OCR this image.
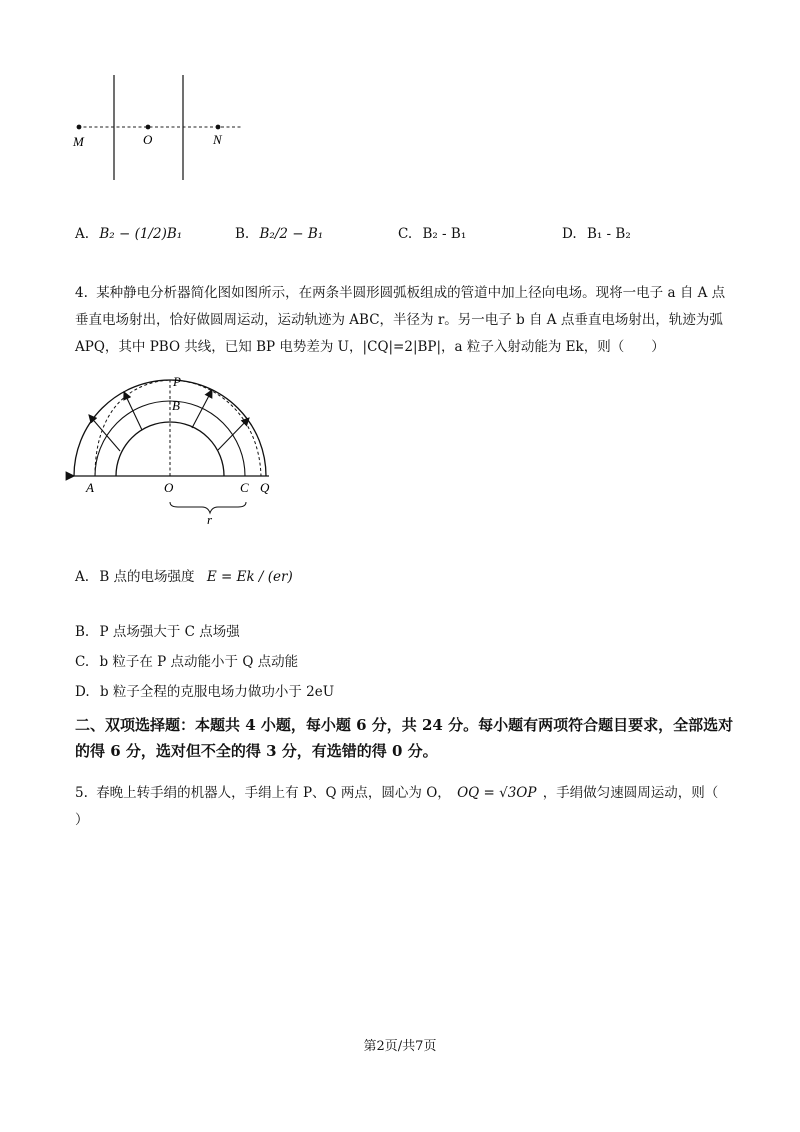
M	O	N
A. B₂ − (1/2)B₁	B. B₂/2 − B₁	C. B₂ - B₁	D. B₁ - B₂
4. 某种静电分析器简化图如图所示，在两条半圆形圆弧板组成的管道中加上径向电场。现将一电子 a 自 A 点垂直电场射出，恰好做圆周运动，运动轨迹为 ABC，半径为 r。另一电子 b 自 A 点垂直电场射出，轨迹为弧 APQ，其中 PBO 共线，已知 BP 电势差为 U，|CQ|=2|BP|，a 粒子入射动能为 Ek，则（　　）
P
B
A	O	C Q
r
A. B 点的电场强度 E = Ek / (er)
B. P 点场强大于 C 点场强
C. b 粒子在 P 点动能小于 Q 点动能
D. b 粒子全程的克服电场力做功小于 2eU
二、双项选择题：本题共 4 小题，每小题 6 分，共 24 分。每小题有两项符合题目要求，全部选对的得 6 分，选对但不全的得 3 分，有选错的得 0 分。
5. 春晚上转手绢的机器人，手绢上有 P、Q 两点，圆心为 O， OQ = √3OP ，手绢做匀速圆周运动，则（
）
第2页/共7页
